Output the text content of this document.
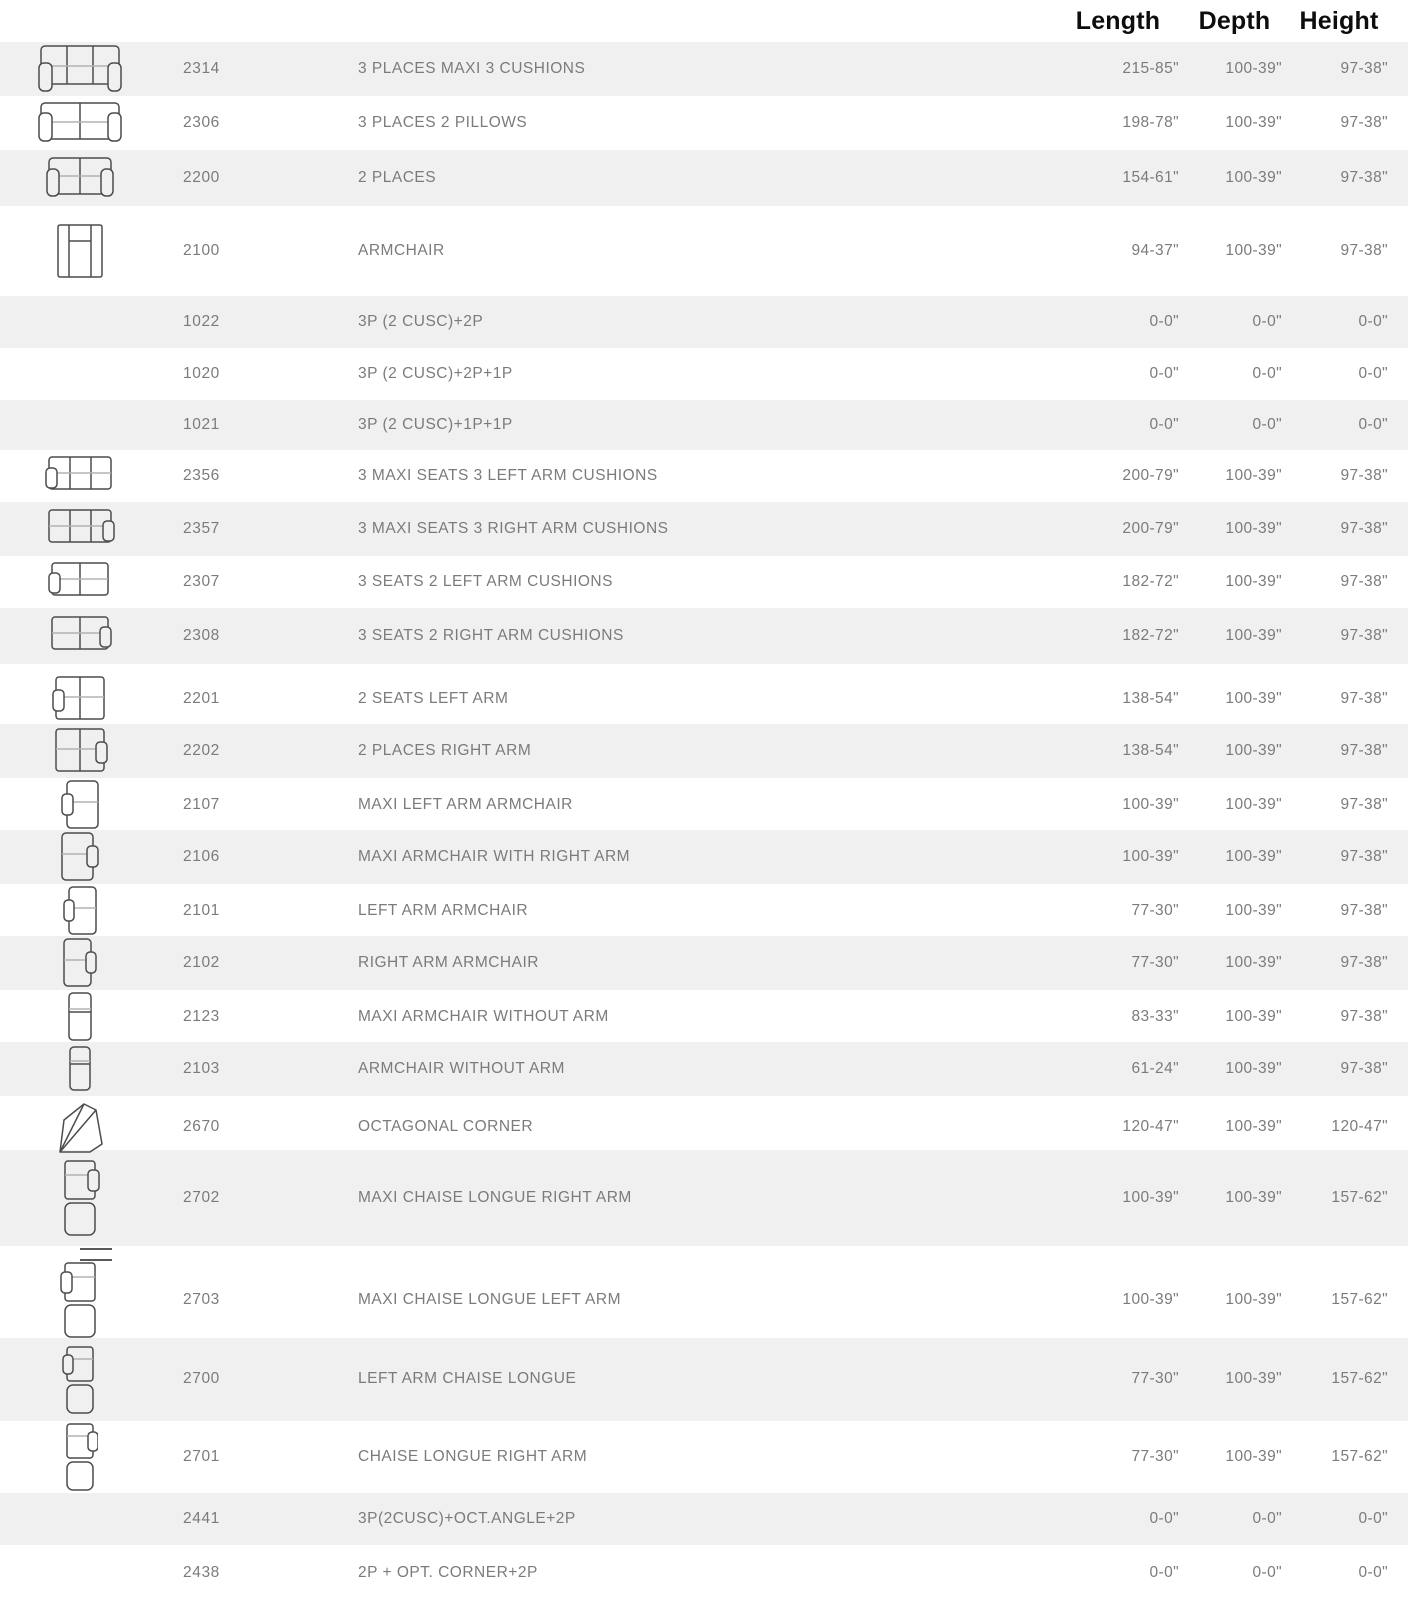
Length	Depth	Height
2314	3 PLACES MAXI 3 CUSHIONS	215-85"	100-39"	97-38"
2306	3 PLACES 2 PILLOWS	198-78"	100-39"	97-38"
2200	2 PLACES	154-61"	100-39"	97-38"
2100	ARMCHAIR	94-37"	100-39"	97-38"
1022	3P (2 CUSC)+2P	0-0"	0-0"	0-0"
1020	3P (2 CUSC)+2P+1P	0-0"	0-0"	0-0"
1021	3P (2 CUSC)+1P+1P	0-0"	0-0"	0-0"
2356	3 MAXI SEATS 3 LEFT ARM CUSHIONS	200-79"	100-39"	97-38"
2357	3 MAXI SEATS 3 RIGHT ARM CUSHIONS	200-79"	100-39"	97-38"
2307	3 SEATS 2 LEFT ARM CUSHIONS	182-72"	100-39"	97-38"
2308	3 SEATS 2 RIGHT ARM CUSHIONS	182-72"	100-39"	97-38"
2201	2 SEATS LEFT ARM	138-54"	100-39"	97-38"
2202	2 PLACES RIGHT ARM	138-54"	100-39"	97-38"
2107	MAXI LEFT ARM ARMCHAIR	100-39"	100-39"	97-38"
2106	MAXI ARMCHAIR WITH RIGHT ARM	100-39"	100-39"	97-38"
2101	LEFT ARM ARMCHAIR	77-30"	100-39"	97-38"
2102	RIGHT ARM ARMCHAIR	77-30"	100-39"	97-38"
2123	MAXI ARMCHAIR WITHOUT ARM	83-33"	100-39"	97-38"
2103	ARMCHAIR WITHOUT ARM	61-24"	100-39"	97-38"
2670	OCTAGONAL CORNER	120-47"	100-39"	120-47"
2702	MAXI CHAISE LONGUE RIGHT ARM	100-39"	100-39"	157-62"
2703	MAXI CHAISE LONGUE LEFT ARM	100-39"	100-39"	157-62"
2700	LEFT ARM CHAISE LONGUE	77-30"	100-39"	157-62"
2701	CHAISE LONGUE RIGHT ARM	77-30"	100-39"	157-62"
2441	3P(2CUSC)+OCT.ANGLE+2P	0-0"	0-0"	0-0"
2438	2P + OPT. CORNER+2P	0-0"	0-0"	0-0"
